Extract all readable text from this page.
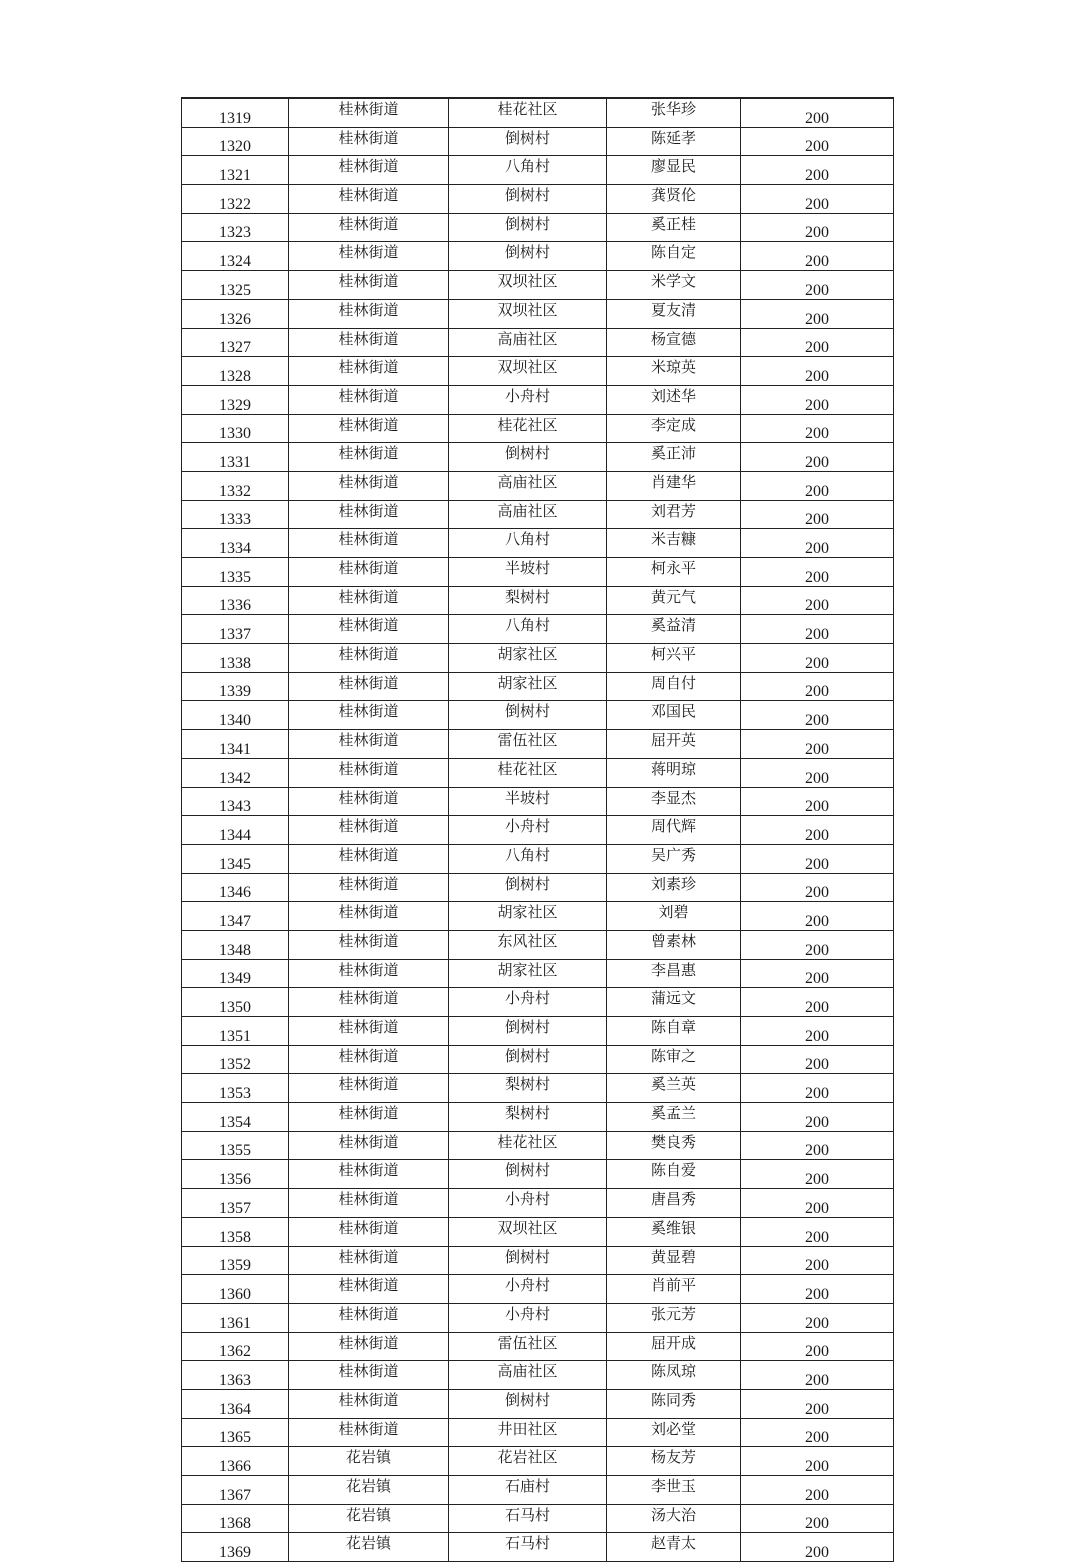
1319	桂林街道	桂花社区	张华珍	200
1320	桂林街道	倒树村	陈延孝	200
1321	桂林街道	八角村	廖显民	200
1322	桂林街道	倒树村	龚贤伦	200
1323	桂林街道	倒树村	奚正桂	200
1324	桂林街道	倒树村	陈自定	200
1325	桂林街道	双坝社区	米学文	200
1326	桂林街道	双坝社区	夏友清	200
1327	桂林街道	高庙社区	杨宣德	200
1328	桂林街道	双坝社区	米琼英	200
1329	桂林街道	小舟村	刘述华	200
1330	桂林街道	桂花社区	李定成	200
1331	桂林街道	倒树村	奚正沛	200
1332	桂林街道	高庙社区	肖建华	200
1333	桂林街道	高庙社区	刘君芳	200
1334	桂林街道	八角村	米吉糠	200
1335	桂林街道	半坡村	柯永平	200
1336	桂林街道	梨树村	黄元气	200
1337	桂林街道	八角村	奚益清	200
1338	桂林街道	胡家社区	柯兴平	200
1339	桂林街道	胡家社区	周自付	200
1340	桂林街道	倒树村	邓国民	200
1341	桂林街道	雷伍社区	屈开英	200
1342	桂林街道	桂花社区	蒋明琼	200
1343	桂林街道	半坡村	李显杰	200
1344	桂林街道	小舟村	周代辉	200
1345	桂林街道	八角村	吴广秀	200
1346	桂林街道	倒树村	刘素珍	200
1347	桂林街道	胡家社区	刘碧	200
1348	桂林街道	东风社区	曾素林	200
1349	桂林街道	胡家社区	李昌惠	200
1350	桂林街道	小舟村	蒲远文	200
1351	桂林街道	倒树村	陈自章	200
1352	桂林街道	倒树村	陈审之	200
1353	桂林街道	梨树村	奚兰英	200
1354	桂林街道	梨树村	奚孟兰	200
1355	桂林街道	桂花社区	樊良秀	200
1356	桂林街道	倒树村	陈自爱	200
1357	桂林街道	小舟村	唐昌秀	200
1358	桂林街道	双坝社区	奚维银	200
1359	桂林街道	倒树村	黄显碧	200
1360	桂林街道	小舟村	肖前平	200
1361	桂林街道	小舟村	张元芳	200
1362	桂林街道	雷伍社区	屈开成	200
1363	桂林街道	高庙社区	陈凤琼	200
1364	桂林街道	倒树村	陈同秀	200
1365	桂林街道	井田社区	刘必堂	200
1366	花岩镇	花岩社区	杨友芳	200
1367	花岩镇	石庙村	李世玉	200
1368	花岩镇	石马村	汤大治	200
1369	花岩镇	石马村	赵青太	200
